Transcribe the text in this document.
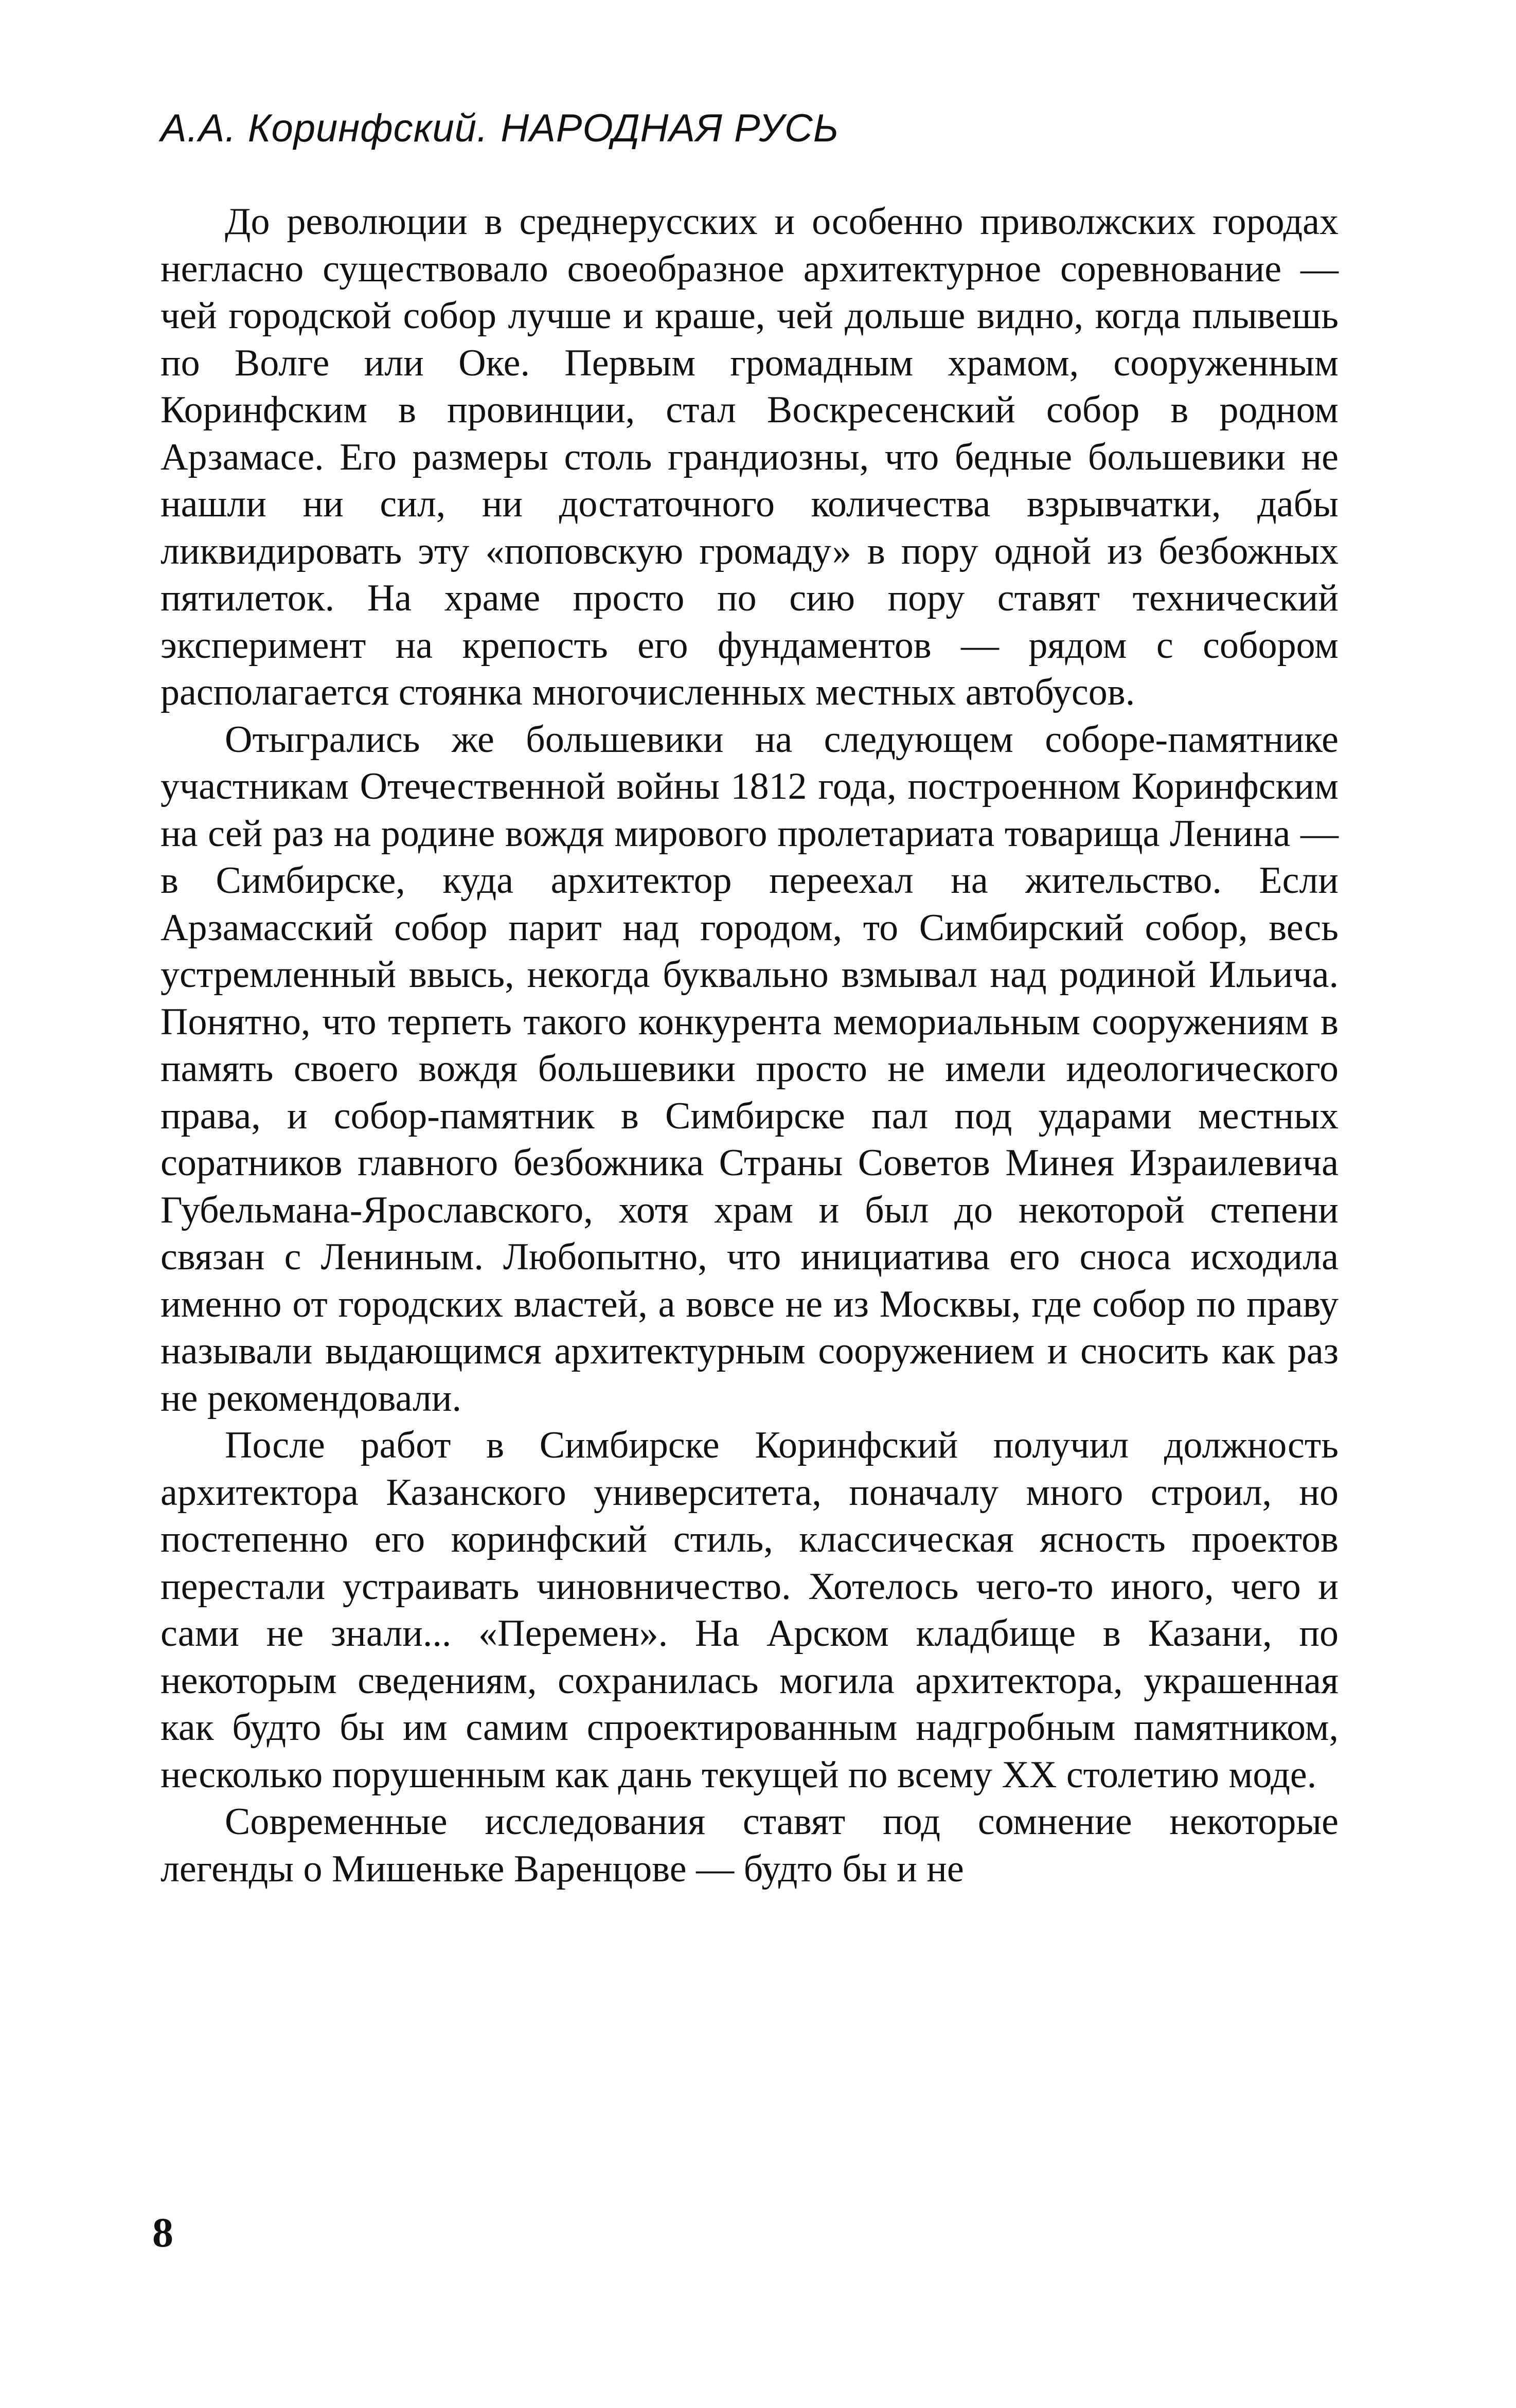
А.А. Коринфский. НАРОДНАЯ РУСЬ

До революции в среднерусских и особенно приволжских городах негласно существовало своеобразное архитектурное соревнование — чей городской собор лучше и краше, чей дольше видно, когда плывешь по Волге или Оке. Первым громадным храмом, сооруженным Коринфским в провинции, стал Воскресенский собор в родном Арзамасе. Его размеры столь грандиозны, что бедные большевики не нашли ни сил, ни достаточного количества взрывчатки, дабы ликвидировать эту «поповскую громаду» в пору одной из безбожных пятилеток. На храме просто по сию пору ставят технический эксперимент на крепость его фундаментов — рядом с собором располагается стоянка многочисленных местных автобусов.

Отыгрались же большевики на следующем соборе-памятнике участникам Отечественной войны 1812 года, построенном Коринфским на сей раз на родине вождя мирового пролетариата товарища Ленина — в Симбирске, куда архитектор переехал на жительство. Если Арзамасский собор парит над городом, то Симбирский собор, весь устремленный ввысь, некогда буквально взмывал над родиной Ильича. Понятно, что терпеть такого конкурента мемориальным сооружениям в память своего вождя большевики просто не имели идеологического права, и собор-памятник в Симбирске пал под ударами местных соратников главного безбожника Страны Советов Минея Израилевича Губельмана-Ярославского, хотя храм и был до некоторой степени связан с Лениным. Любопытно, что инициатива его сноса исходила именно от городских властей, а вовсе не из Москвы, где собор по праву называли выдающимся архитектурным сооружением и сносить как раз не рекомендовали.

После работ в Симбирске Коринфский получил должность архитектора Казанского университета, поначалу много строил, но постепенно его коринфский стиль, классическая ясность проектов перестали устраивать чиновничество. Хотелось чего-то иного, чего и сами не знали... «Перемен». На Арском кладбище в Казани, по некоторым сведениям, сохранилась могила архитектора, украшенная как будто бы им самим спроектированным надгробным памятником, несколько порушенным как дань текущей по всему XX столетию моде.

Современные исследования ставят под сомнение некоторые легенды о Мишеньке Варенцове — будто бы и не

8
